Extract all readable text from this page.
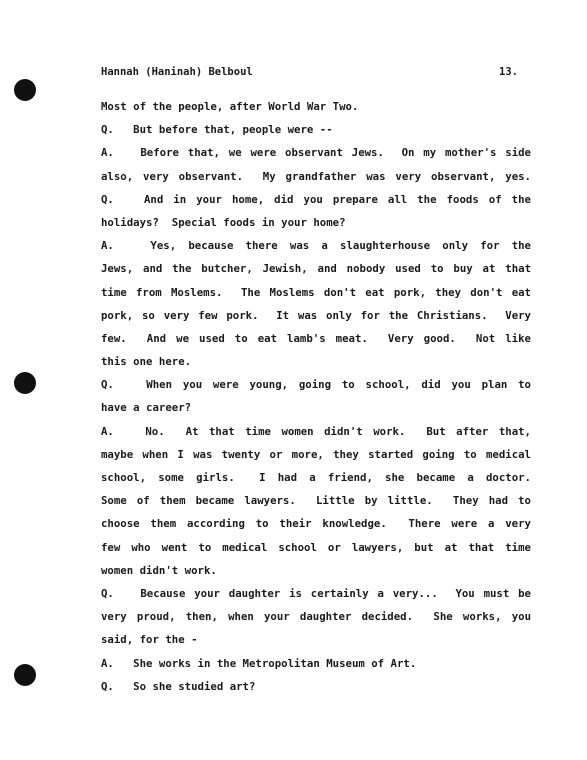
Hannah (Haninah) Belboul	13.
Most of the people, after World War Two.
Q.   But before that, people were --
A.   Before that, we were observant Jews.  On my mother's side
also, very observant.  My grandfather was very observant, yes.
Q.   And in your home, did you prepare all the foods of the
holidays?  Special foods in your home?
A.   Yes, because there was a slaughterhouse only for the
Jews, and the butcher, Jewish, and nobody used to buy at that
time from Moslems.  The Moslems don't eat pork, they don't eat
pork, so very few pork.  It was only for the Christians.  Very
few.  And we used to eat lamb's meat.  Very good.  Not like
this one here.
Q.   When you were young, going to school, did you plan to
have a career?
A.   No.  At that time women didn't work.  But after that,
maybe when I was twenty or more, they started going to medical
school, some girls.  I had a friend, she became a doctor.
Some of them became lawyers.  Little by little.  They had to
choose them according to their knowledge.  There were a very
few who went to medical school or lawyers, but at that time
women didn't work.
Q.   Because your daughter is certainly a very...  You must be
very proud, then, when your daughter decided.  She works, you
said, for the -
A.   She works in the Metropolitan Museum of Art.
Q.   So she studied art?
